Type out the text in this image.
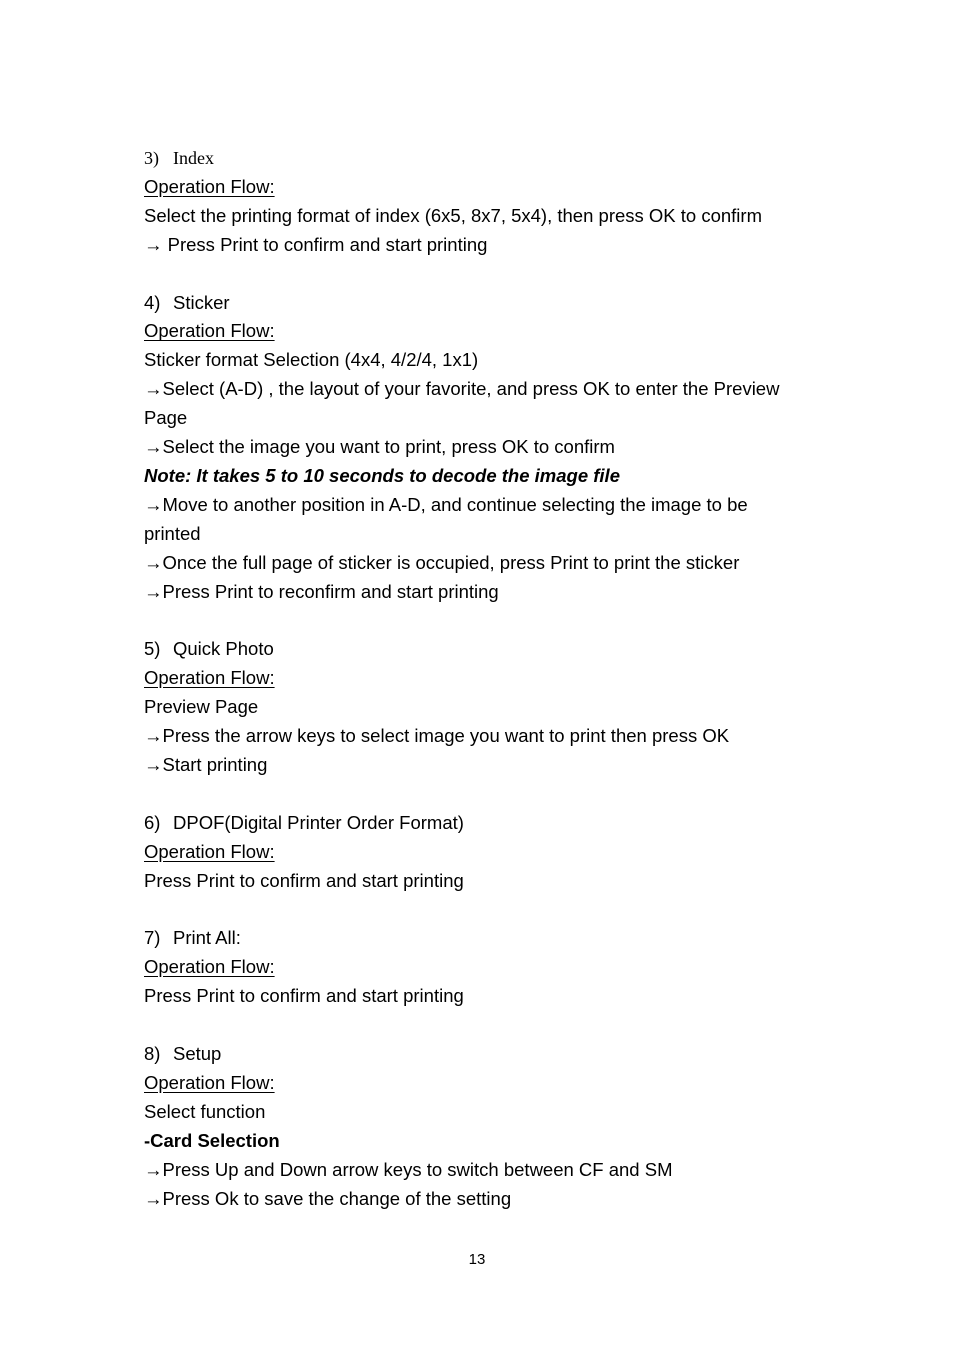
3) Index
Operation Flow:
Select the printing format of index (6x5, 8x7, 5x4), then press OK to confirm
→ Press Print to confirm and start printing
4) Sticker
Operation Flow:
Sticker format Selection (4x4, 4/2/4, 1x1)
→Select (A-D) , the layout of your favorite, and press OK to enter the Preview
Page
→Select the image you want to print, press OK to confirm
Note: It takes 5 to 10 seconds to decode the image file
→Move to another position in A-D, and continue selecting the image to be
printed
→Once the full page of sticker is occupied, press Print to print the sticker
→Press Print to reconfirm and start printing
5) Quick Photo
Operation Flow:
Preview Page
→Press the arrow keys to select image you want to print then press OK
→Start printing
6) DPOF(Digital Printer Order Format)
Operation Flow:
Press Print to confirm and start printing
7) Print All:
Operation Flow:
Press Print to confirm and start printing
8) Setup
Operation Flow:
Select function
-Card Selection
→Press Up and Down arrow keys to switch between CF and SM
→Press Ok to save the change of the setting
13
